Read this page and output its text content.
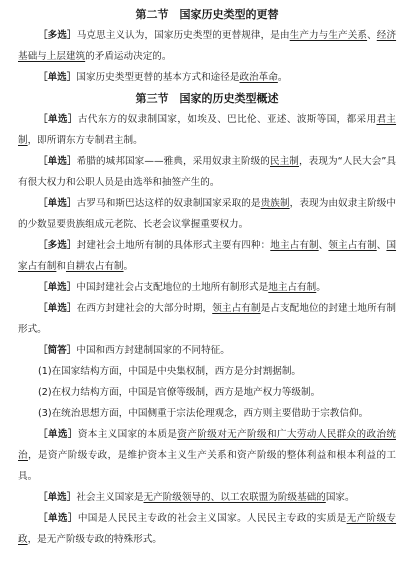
第二节　国家历史类型的更替

［多选］马克思主义认为，国家历史类型的更替规律，是由生产力与生产关系、经济基础与上层建筑的矛盾运动决定的。

［单选］国家历史类型更替的基本方式和途径是政治革命。

第三节　国家的历史类型概述

［单选］古代东方的奴隶制国家，如埃及、巴比伦、亚述、波斯等国，都采用君主制，即所谓东方专制君主制。

［单选］希腊的城邦国家——雅典，采用奴隶主阶级的民主制，表现为“人民大会”具有很大权力和公职人员是由选举和抽签产生的。

［单选］古罗马和斯巴达这样的奴隶制国家采取的是贵族制，表现为由奴隶主阶级中的少数显要贵族组成元老院、长老会议掌握重要权力。

［多选］封建社会土地所有制的具体形式主要有四种：地主占有制、领主占有制、国家占有制和自耕农占有制。

［单选］中国封建社会占支配地位的土地所有制形式是地主占有制。

［单选］在西方封建社会的大部分时期，领主占有制是占支配地位的封建土地所有制形式。

［简答］中国和西方封建制国家的不同特征。

(1)在国家结构方面，中国是中央集权制，西方是分封割据制。

(2)在权力结构方面，中国是官僚等级制，西方是地产权力等级制。

(3)在统治思想方面，中国侧重于宗法伦理观念，西方则主要借助于宗教信仰。

［单选］资本主义国家的本质是资产阶级对无产阶级和广大劳动人民群众的政治统治，是资产阶级专政，是维护资本主义生产关系和资产阶级的整体利益和根本利益的工具。

［单选］社会主义国家是无产阶级领导的、以工农联盟为阶级基础的国家。

［单选］中国是人民民主专政的社会主义国家。人民民主专政的实质是无产阶级专政，是无产阶级专政的特殊形式。
